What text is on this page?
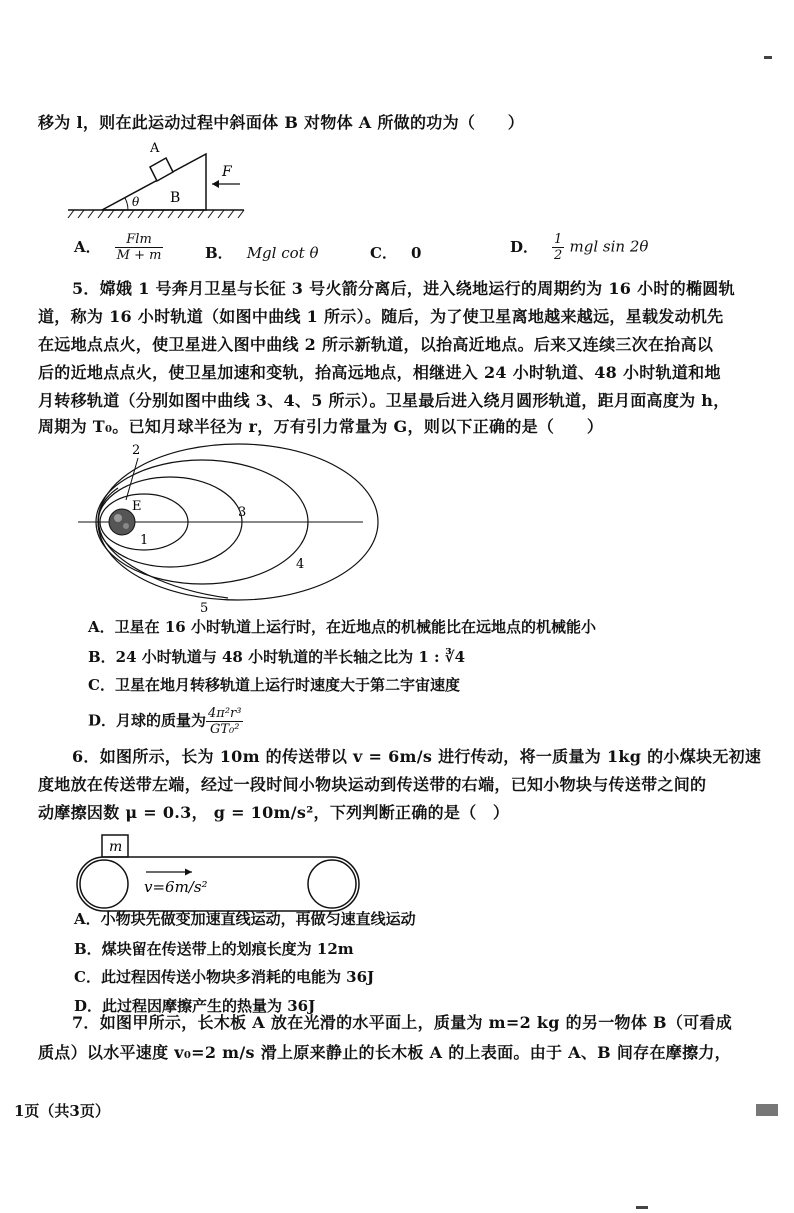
移为 l，则在此运动过程中斜面体 B 对物体 A 所做的功为（　　）
A
B
θ
F
A． $\frac{\text{Flm}}{M + m}$	B． Mgl cot θ	C． 0	D． $\frac{1}{2}$ mgl sin 2θ
5．嫦娥 1 号奔月卫星与长征 3 号火箭分离后，进入绕地运行的周期约为 16 小时的椭圆轨
道，称为 16 小时轨道（如图中曲线 1 所示）。随后，为了使卫星离地越来越远，星载发动机先
在远地点点火，使卫星进入图中曲线 2 所示新轨道，以抬高近地点。后来又连续三次在抬高以
后的近地点点火，使卫星加速和变轨，抬高远地点，相继进入 24 小时轨道、48 小时轨道和地
月转移轨道（分别如图中曲线 3、4、5 所示）。卫星最后进入绕月圆形轨道，距月面高度为 h，
周期为 T₀。已知月球半径为 r，万有引力常量为 G，则以下正确的是（　　）
E
1
2
3
4
5
A．卫星在 16 小时轨道上运行时，在近地点的机械能比在远地点的机械能小
B．24 小时轨道与 48 小时轨道的半长轴之比为 1 : ∛4
C．卫星在地月转移轨道上运行时速度大于第二宇宙速度
D．月球的质量为 $\frac{\text{4π²r³}}{\text{GT₀²}}$
6．如图所示，长为 10m 的传送带以 v = 6m/s 进行传动，将一质量为 1kg 的小煤块无初速
度地放在传送带左端，经过一段时间小物块运动到传送带的右端，已知小物块与传送带之间的
动摩擦因数 μ = 0.3， g = 10m/s²，下列判断正确的是（　）
m
v=6m/s²
A．小物块先做变加速直线运动，再做匀速直线运动
B．煤块留在传送带上的划痕长度为 12m
C．此过程因传送小物块多消耗的电能为 36J
D．此过程因摩擦产生的热量为 36J
7．如图甲所示，长木板 A 放在光滑的水平面上，质量为 m=2 kg 的另一物体 B（可看成
质点）以水平速度 v₀=2 m/s 滑上原来静止的长木板 A 的上表面。由于 A、B 间存在摩擦力，
1页（共3页）
